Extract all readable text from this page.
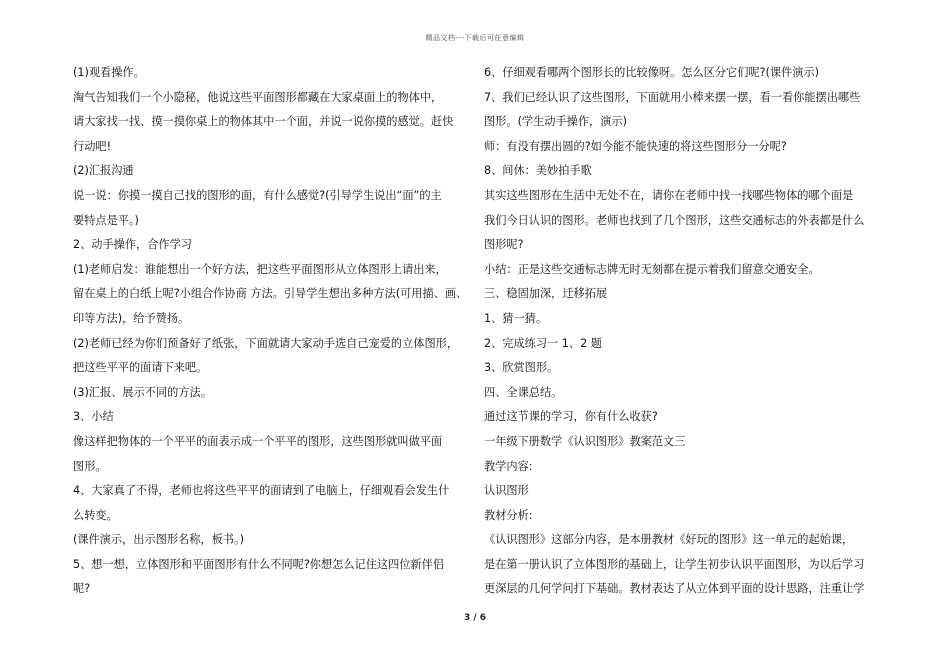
精品文档---下载后可任意编辑
(1)观看操作。
淘气告知我们一个小隐秘，他说这些平面图形都藏在大家桌面上的物体中，
请大家找一找、摸一摸你桌上的物体其中一个面，并说一说你摸的感觉。赶快
行动吧!
(2)汇报沟通
说一说：你摸一摸自己找的图形的面，有什么感觉?(引导学生说出“面”的主
要特点是平。)
2、动手操作，合作学习
(1)老师启发：谁能想出一个好方法，把这些平面图形从立体图形上请出来，
留在桌上的白纸上呢?小组合作协商 方法。引导学生想出多种方法(可用描、画、
印等方法)，给予赞扬。
(2)老师已经为你们预备好了纸张，下面就请大家动手选自己宠爱的立体图形，
把这些平平的面请下来吧。
(3)汇报、展示不同的方法。
3、小结
像这样把物体的一个平平的面表示成一个平平的图形，这些图形就叫做平面
图形。
4、大家真了不得，老师也将这些平平的面请到了电脑上，仔细观看会发生什
么转变。
(课件演示，出示图形名称，板书。)
5、想一想，立体图形和平面图形有什么不同呢?你想怎么记住这四位新伴侣
呢?
6、仔细观看哪两个图形长的比较像呀。怎么区分它们呢?(课件演示)
7、我们已经认识了这些图形，下面就用小棒来摆一摆，看一看你能摆出哪些
图形。(学生动手操作，演示)
师：有没有摆出圆的?如今能不能快速的将这些图形分一分呢?
8、间休：美妙拍手歌
其实这些图形在生活中无处不在，请你在老师中找一找哪些物体的哪个面是
我们今日认识的图形。老师也找到了几个图形，这些交通标志的外表都是什么
图形呢?
小结：正是这些交通标志牌无时无刻都在提示着我们留意交通安全。
三、稳固加深，迁移拓展
1、猜一猜。
2、完成练习一 1、2 题
3、欣赏图形。
四、全课总结。
通过这节课的学习，你有什么收获?
一年级下册数学《认识图形》教案范文三
教学内容:
认识图形
教材分析:
《认识图形》这部分内容，是本册教材《好玩的图形》这一单元的起始课，
是在第一册认识了立体图形的基础上，让学生初步认识平面图形，为以后学习
更深层的几何学问打下基础。教材表达了从立体到平面的设计思路，注重让学
3 / 6
